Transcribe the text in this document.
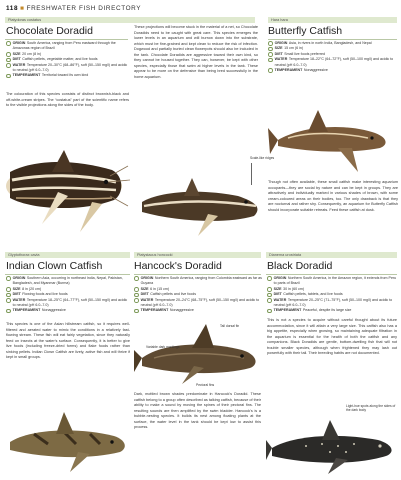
118 ■ FRESHWATER FISH DIRECTORY
Platydoras costatus
Chocolate Doradid
ORIGIN South America, ranging from Peru eastward through the Amazonas region of Brazil
SIZE 20 cm (8 in)
DIET Catfish pellets, vegetable matter, and live foods
WATER Temperature 20–30°C (68–86°F), soft (50–150 mg/l) and acidic to neutral (pH 6.0–7.0)
TEMPERAMENT Territorial toward its own kind
The colouration of this species consists of distinct brownish-black and off-white-cream stripes. The “costatus” part of the scientific name refers to the visible projections along the sides of the body.
These projections will become stuck in the material of a net, so Chocolate Doradids need to be caught with great care. This species emerges the lower levels in an aquarium and will burrow down into the substrate, which must be fine-grained and kept clean to reduce the risk of infection. Dogwood and partially buried clean flowerpots should also be included in the tank. Chocolate Doradids are aggressive toward their own kind, so they cannot be housed together. They can, however, be kept with other species, especially those that swim at higher levels in the tank. These appear to be more on the defensive than being bred successfully in the home aquarium.
Scale-like ridges
Hara hara
Butterfly Catfish
ORIGIN Asia, in rivers in north India, Bangladesh, and Nepal
SIZE 15 cm (6 in)
DIET Small live foods preferred
WATER Temperature 18–22°C (64–72°F), soft (50–100 mg/l) and acidic to neutral (pH 6.0–7.0)
TEMPERAMENT Nonaggressive
Though not often available, these small catfish make interesting aquarium occupants—they are social by nature and can be kept in groups. They are attractively and individually marked in various shades of brown, with some cream-coloured areas on their bodies, too. The only drawback is that they are nocturnal and rather shy. Consequently, an aquarium for Butterfly Catfish should incorporate suitable retreats. Feed these catfish at dusk.
Glyptothorax cavia
Indian Clown Catfish
ORIGIN Southern Asia, occurring in northeast India, Nepal, Pakistan, Bangladesh, and Myanmar (Burma)
SIZE 8 in (20 cm)
DIET Flowing foods and live foods
WATER Temperature 18–25°C (64–77°F), soft (50–150 mg/l) and acidic to neutral (pH 6.0–7.0)
TEMPERAMENT Nonaggressive
This species is one of the Asian hillstream catfish, so it requires well-filtered and aerated water to mimic the conditions in a relatively fast-flowing stream. These fish will eat fairly vegetation, since they naturally feed on insects at the water's surface. Consequently, it is better to give live foods (including freeze-dried forms) and flake foods rather than sinking pellets. Indian Clown Catfish are lively, active fish and will thrive if kept in small groups.
Platystacus honcocki
Hancock's Doradid
ORIGIN Northern South America, ranging from Colombia eastward as far as Guyana
SIZE 6 in (15 cm)
DIET Catfish pellets and live foods
WATER Temperature 20–24°C (68–75°F), soft (50–150 mg/l) and acidic to neutral (pH 6.0–7.0)
TEMPERAMENT Nonaggressive
Tall dorsal fin
Variable dark markings
Pectoral fins
Dark, mottled brown shades predominate in Hancock's Doradid. These catfish belong to a group often described as talking catfish, because of their ability to make a sound by moving the spines of their pectoral fins. The resulting sounds are then amplified by the swim bladder. Hancock's is a bubble-nesting species. It builds its nest among floating plants at the surface, the water level in the tank should be kept low to assist this process.
Dianema urostriata
Black Doradid
ORIGIN Northern South America, in the Amazon region, it extends from Peru to parts of Brazil
SIZE 30 in (60 cm)
DIET Catfish pellets, tablets, and live foods
WATER Temperature 20–25°C (71–75°F), soft (50–100 mg/l) and acidic to neutral (pH 6.0–7.0)
TEMPERAMENT Peaceful, despite its large size
This is not a species to acquire without careful thought about its future accommodation, since it will attain a very large size. This catfish also has a big appetite, especially when growing, so maintaining adequate filtration in the aquarium is essential for the health of both the catfish and any companions. Black Doradids are gentle, bottom-dwelling fish that will not trouble smaller species, although when frightened they may lash out powerfully with their tail. Their breeding habits are not documented.
Light-hue spots along the sides of the dark body
